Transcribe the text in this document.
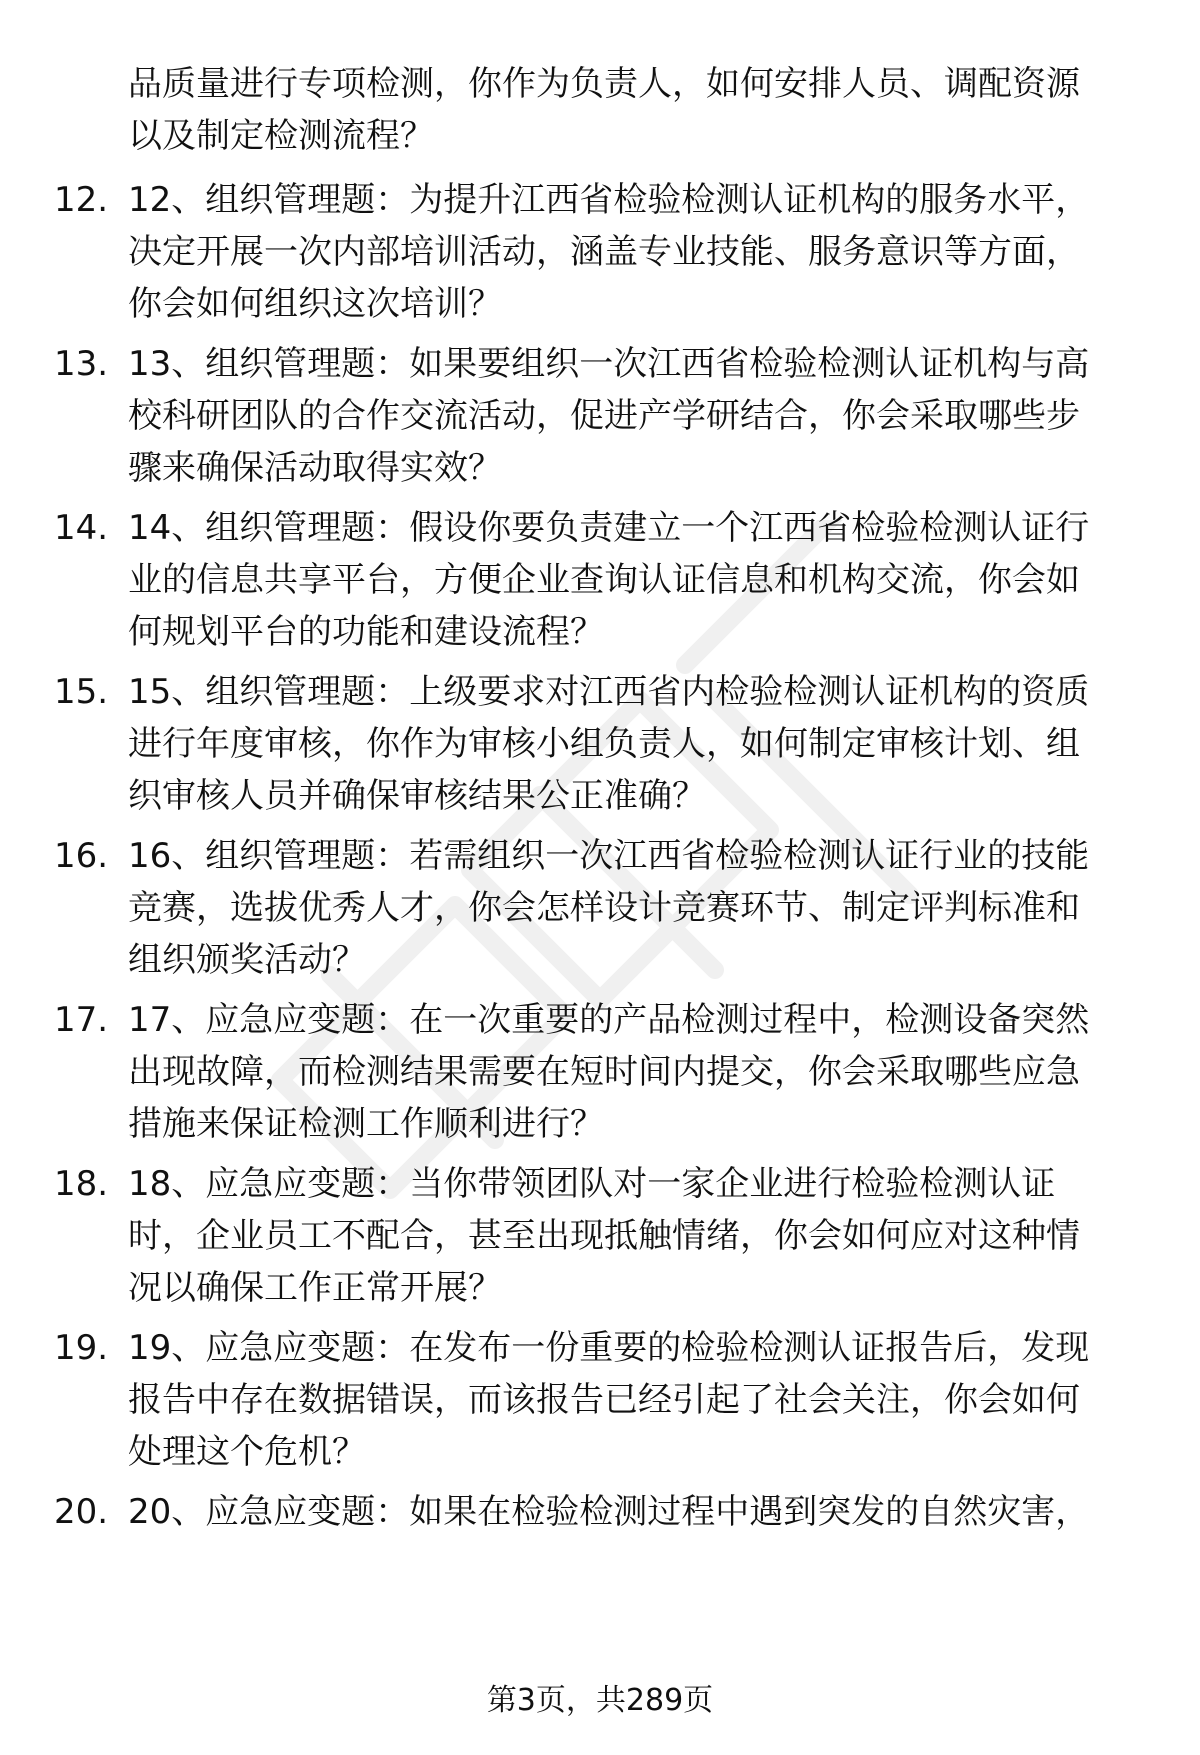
品质量进行专项检测，你作为负责人，如何安排人员、调配资源
以及制定检测流程？
12. 12、组织管理题：为提升江西省检验检测认证机构的服务水平，
决定开展一次内部培训活动，涵盖专业技能、服务意识等方面，
你会如何组织这次培训？
13. 13、组织管理题：如果要组织一次江西省检验检测认证机构与高
校科研团队的合作交流活动，促进产学研结合，你会采取哪些步
骤来确保活动取得实效？
14. 14、组织管理题：假设你要负责建立一个江西省检验检测认证行
业的信息共享平台，方便企业查询认证信息和机构交流，你会如
何规划平台的功能和建设流程？
15. 15、组织管理题：上级要求对江西省内检验检测认证机构的资质
进行年度审核，你作为审核小组负责人，如何制定审核计划、组
织审核人员并确保审核结果公正准确？
16. 16、组织管理题：若需组织一次江西省检验检测认证行业的技能
竞赛，选拔优秀人才，你会怎样设计竞赛环节、制定评判标准和
组织颁奖活动？
17. 17、应急应变题：在一次重要的产品检测过程中，检测设备突然
出现故障，而检测结果需要在短时间内提交，你会采取哪些应急
措施来保证检测工作顺利进行？
18. 18、应急应变题：当你带领团队对一家企业进行检验检测认证
时，企业员工不配合，甚至出现抵触情绪，你会如何应对这种情
况以确保工作正常开展？
19. 19、应急应变题：在发布一份重要的检验检测认证报告后，发现
报告中存在数据错误，而该报告已经引起了社会关注，你会如何
处理这个危机？
20. 20、应急应变题：如果在检验检测过程中遇到突发的自然灾害，
第3页，共289页
